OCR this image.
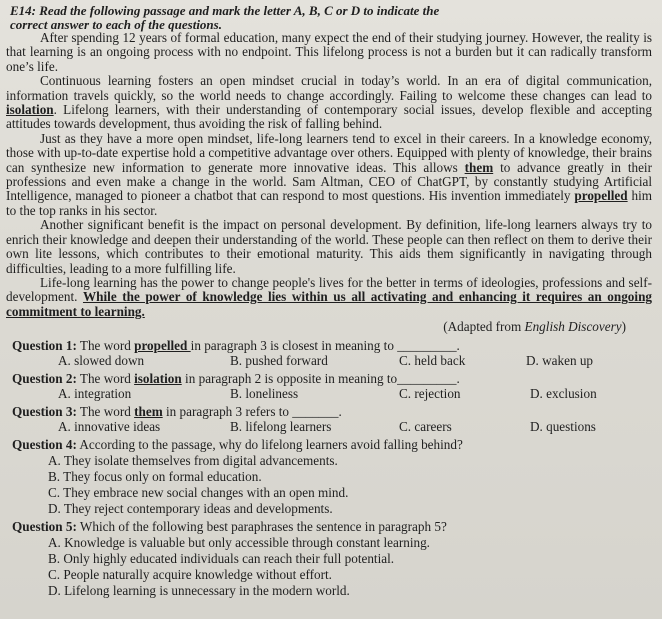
E14: Read the following passage and mark the letter A, B, C or D to indicate the
correct answer to each of the questions.

After spending 12 years of formal education, many expect the end of their studying journey. However, the reality is that learning is an ongoing process with no endpoint. This lifelong process is not a burden but it can radically transform one’s life.

Continuous learning fosters an open mindset crucial in today’s world. In an era of digital communication, information travels quickly, so the world needs to change accordingly. Failing to welcome these changes can lead to isolation. Lifelong learners, with their understanding of contemporary social issues, develop flexible and accepting attitudes towards development, thus avoiding the risk of falling behind.

Just as they have a more open mindset, life-long learners tend to excel in their careers. In a knowledge economy, those with up-to-date expertise hold a competitive advantage over others. Equipped with plenty of knowledge, their brains can synthesize new information to generate more innovative ideas. This allows them to advance greatly in their professions and even make a change in the world. Sam Altman, CEO of ChatGPT, by constantly studying Artificial Intelligence, managed to pioneer a chatbot that can respond to most questions. His invention immediately propelled him to the top ranks in his sector.

Another significant benefit is the impact on personal development. By definition, life-long learners always try to enrich their knowledge and deepen their understanding of the world. These people can then reflect on them to derive their own lite lessons, which contributes to their emotional maturity. This aids them significantly in navigating through difficulties, leading to a more fulfilling life.

Life-long learning has the power to change people's lives for the better in terms of ideologies, professions and self-development. While the power of knowledge lies within us all activating and enhancing it requires an ongoing commitment to learning.

(Adapted from English Discovery)
Question 1: The word propelled in paragraph 3 is closest in meaning to _________.
A. slowed down	B. pushed forward	C. held back	D. waken up
Question 2: The word isolation in paragraph 2 is opposite in meaning to_________.
A. integration	B. loneliness	C. rejection	D. exclusion
Question 3: The word them in paragraph 3 refers to _______.
A. innovative ideas	B. lifelong learners	C. careers	D. questions
Question 4: According to the passage, why do lifelong learners avoid falling behind?
A. They isolate themselves from digital advancements.
B. They focus only on formal education.
C. They embrace new social changes with an open mind.
D. They reject contemporary ideas and developments.
Question 5: Which of the following best paraphrases the sentence in paragraph 5?
A. Knowledge is valuable but only accessible through constant learning.
B. Only highly educated individuals can reach their full potential.
C. People naturally acquire knowledge without effort.
D. Lifelong learning is unnecessary in the modern world.
